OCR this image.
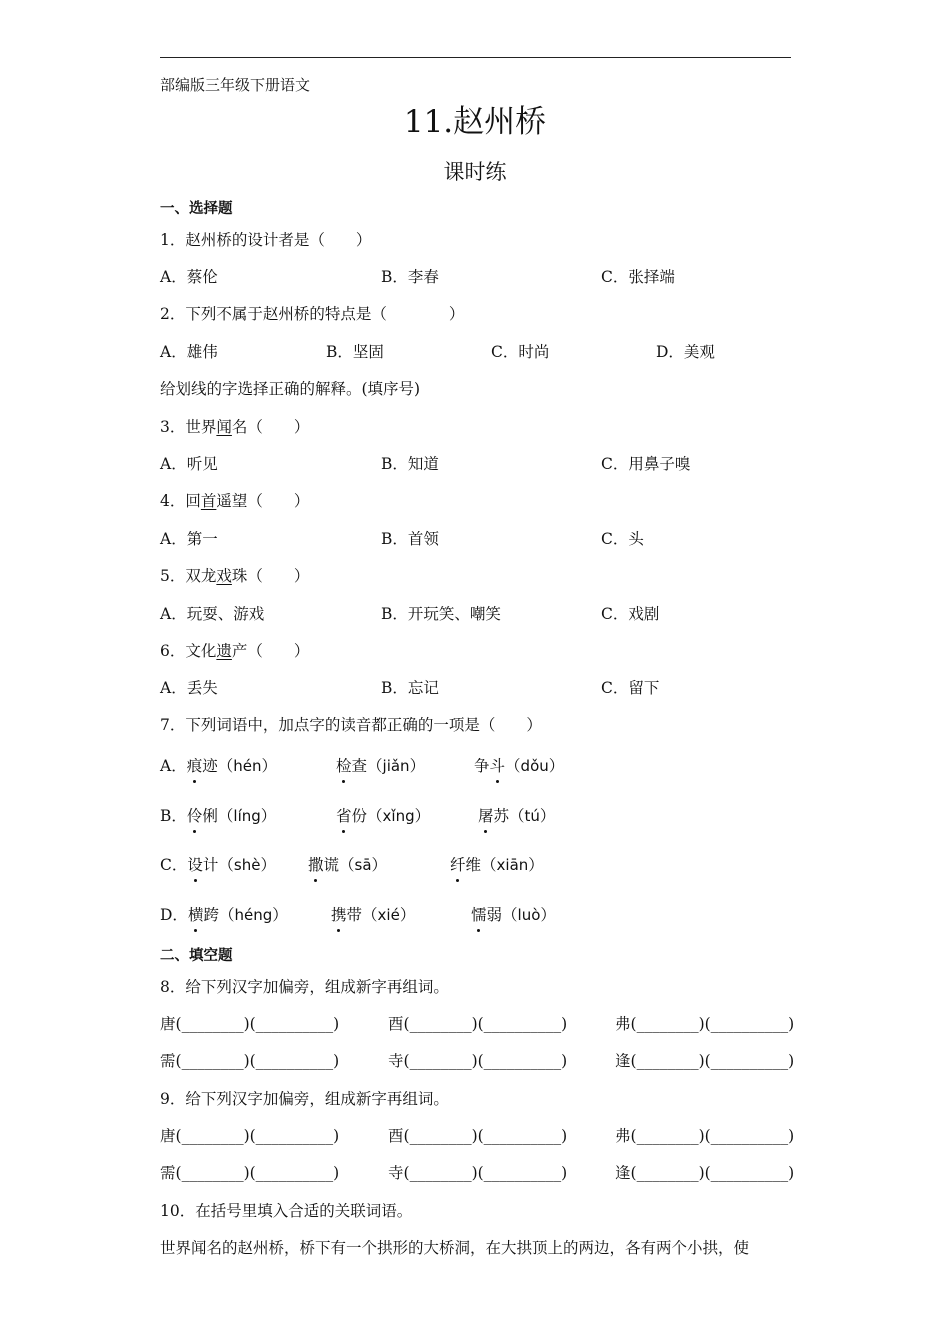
部编版三年级下册语文
11.赵州桥
课时练
一、选择题
1．赵州桥的设计者是（　　）
A．蔡伦	B．李春	C．张择端
2．下列不属于赵州桥的特点是（　　　　）
A．雄伟	B．坚固	C．时尚	D．美观
给划线的字选择正确的解释。(填序号)
3．世界闻名（　　）
A．听见	B．知道	C．用鼻子嗅
4．回首遥望（　　）
A．第一	B．首领	C．头
5．双龙戏珠（　　）
A．玩耍、游戏	B．开玩笑、嘲笑	C．戏剧
6．文化遗产（　　）
A．丢失	B．忘记	C．留下
7．下列词语中，加点字的读音都正确的一项是（　　）
A．痕迹（hén）	检查（jiǎn）	争斗（dǒu）
B．伶俐（líng）	省份（xǐng）	屠苏（tú）
C．设计（shè） 撒谎（sā）	纤维（xiān）
D．横跨（héng）	携带（xié）	懦弱（luò）
二、填空题
8．给下列汉字加偏旁，组成新字再组词。
唐(________)(__________)	酉(________)(__________)	弗(________)(__________)
需(________)(__________)	寺(________)(__________)	逢(________)(__________)
9．给下列汉字加偏旁，组成新字再组词。
唐(________)(__________)	酉(________)(__________)	弗(________)(__________)
需(________)(__________)	寺(________)(__________)	逢(________)(__________)
10．在括号里填入合适的关联词语。
世界闻名的赵州桥，桥下有一个拱形的大桥洞，在大拱顶上的两边，各有两个小拱，使
